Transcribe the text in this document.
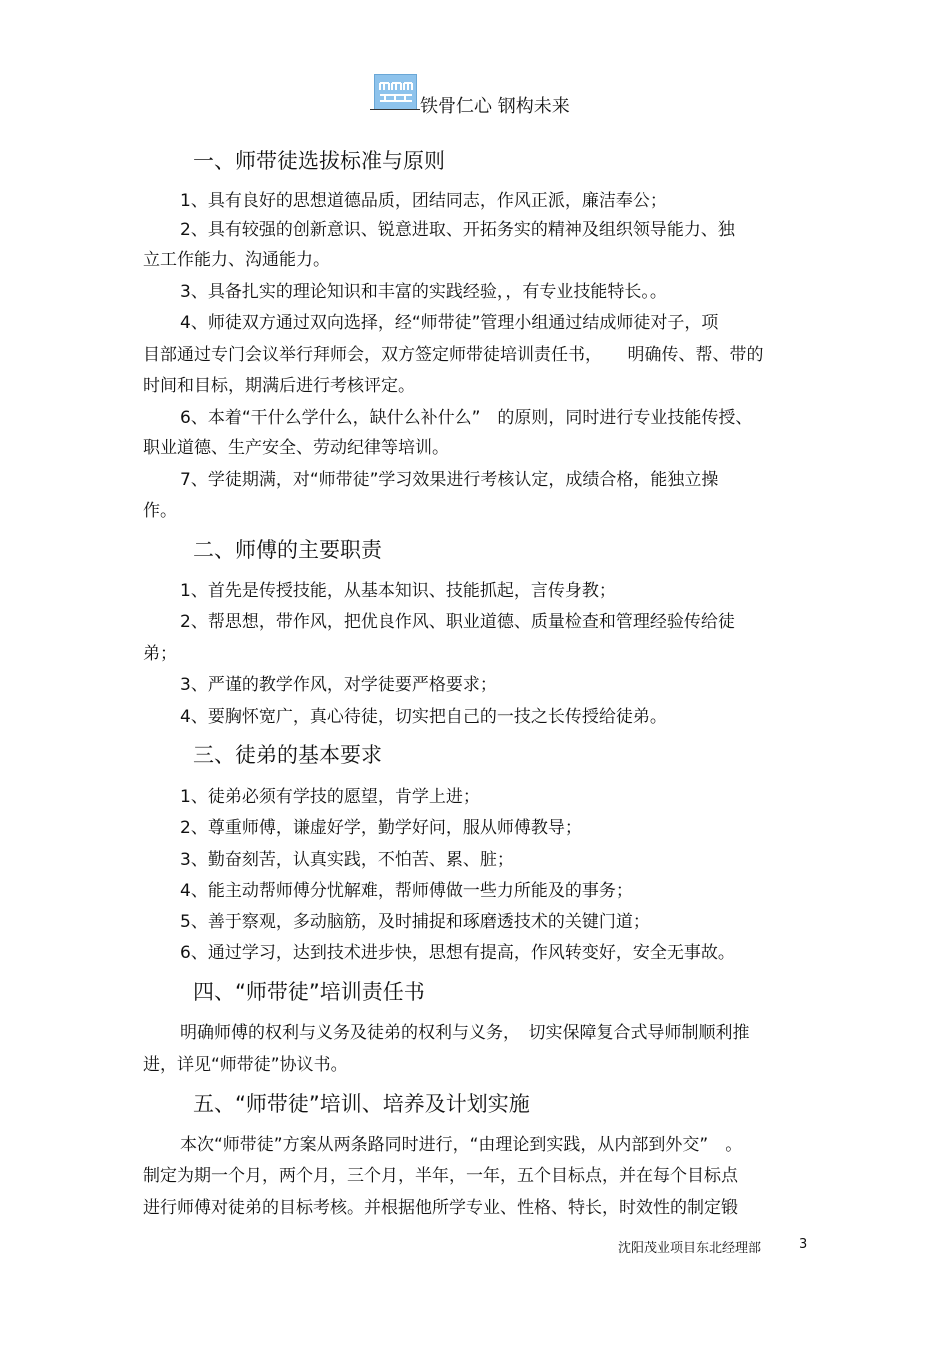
铁骨仁心 钢构未来
一、师带徒选拔标准与原则
1、具有良好的思想道德品质，团结同志，作风正派，廉洁奉公；
2、具有较强的创新意识、锐意进取、开拓务实的精神及组织领导能力、独
立工作能力、沟通能力。
3、具备扎实的理论知识和丰富的实践经验，，有专业技能特长。。
4、师徒双方通过双向选择，经“师带徒”管理小组通过结成师徒对子，项
目部通过专门会议举行拜师会，双方签定师带徒培训责任书，　　明确传、帮、带的
时间和目标，期满后进行考核评定。
6、本着“干什么学什么，缺什么补什么”　的原则，同时进行专业技能传授、
职业道德、生产安全、劳动纪律等培训。
7、学徒期满，对“师带徒”学习效果进行考核认定，成绩合格，能独立操
作。
二、师傅的主要职责
1、首先是传授技能，从基本知识、技能抓起，言传身教；
2、帮思想，带作风，把优良作风、职业道德、质量检查和管理经验传给徒
弟；
3、严谨的教学作风，对学徒要严格要求；
4、要胸怀宽广，真心待徒，切实把自己的一技之长传授给徒弟。
三、徒弟的基本要求
1、徒弟必须有学技的愿望，肯学上进；
2、尊重师傅，谦虚好学，勤学好问，服从师傅教导；
3、勤奋刻苦，认真实践，不怕苦、累、脏；
4、能主动帮师傅分忧解难，帮师傅做一些力所能及的事务；
5、善于察观，多动脑筋，及时捕捉和琢磨透技术的关键门道；
6、通过学习，达到技术进步快，思想有提高，作风转变好，安全无事故。
四、“师带徒”培训责任书
明确师傅的权利与义务及徒弟的权利与义务，　切实保障复合式导师制顺利推
进，详见“师带徒”协议书。
五、“师带徒”培训、培养及计划实施
本次“师带徒”方案从两条路同时进行，“由理论到实践，从内部到外交”　。
制定为期一个月，两个月，三个月，半年，一年，五个目标点，并在每个目标点
进行师傅对徒弟的目标考核。并根据他所学专业、性格、特长，时效性的制定锻
沈阳茂业项目东北经理部	3
